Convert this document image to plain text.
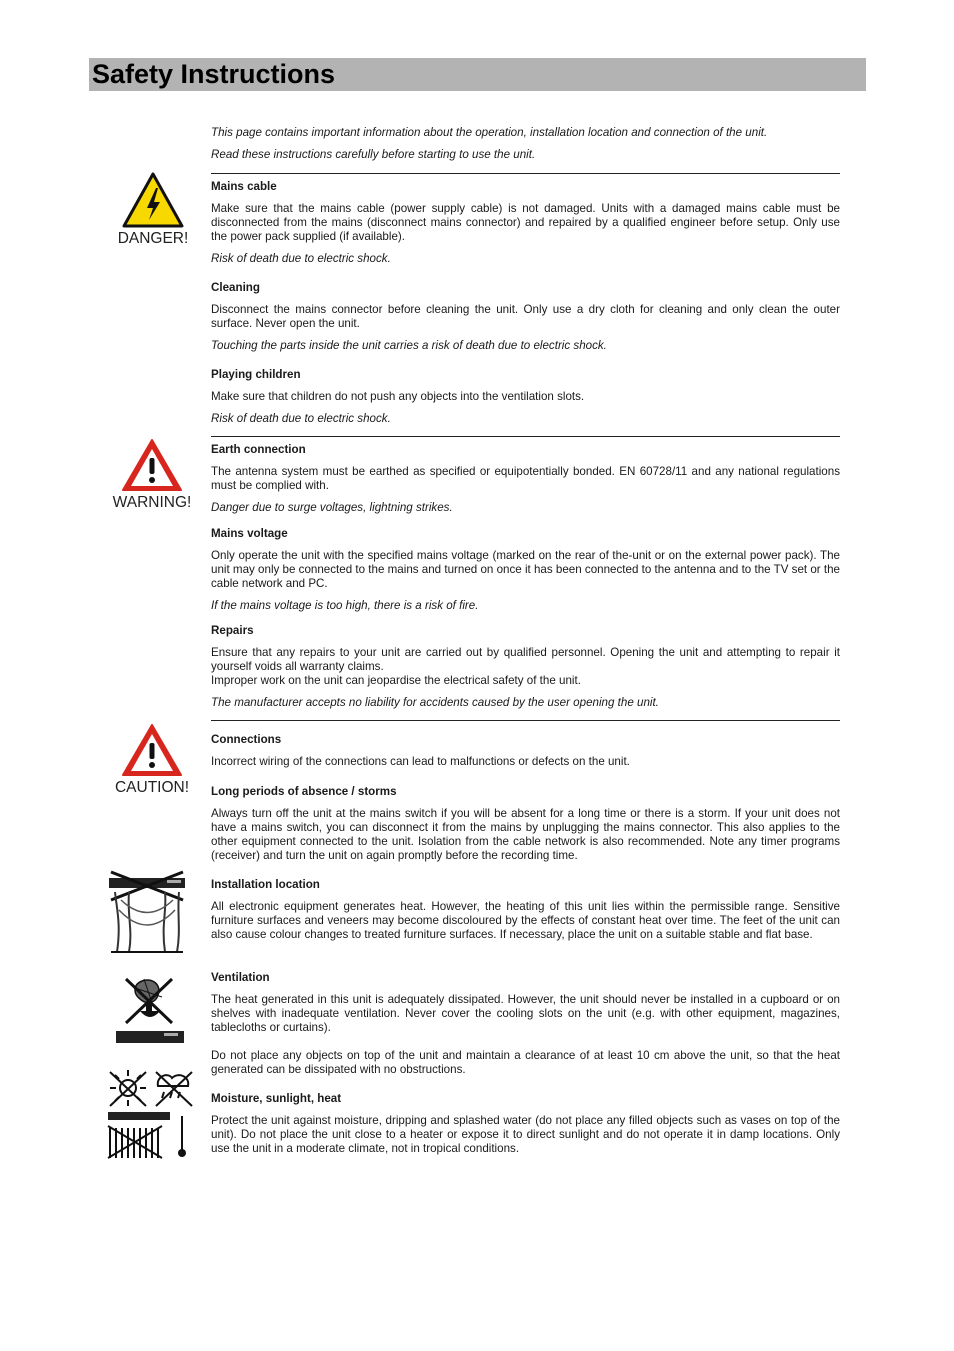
Safety Instructions

This page contains important information about the operation, installation location and connection of the unit.

Read these instructions carefully before starting to use the unit.

DANGER!
Mains cable

Make sure that the mains cable (power supply cable) is not damaged. Units with a damaged mains cable must be disconnected from the mains (disconnect mains connector) and repaired by a qualified engineer before setup. Only use the power pack supplied (if available).

Risk of death due to electric shock.

Cleaning

Disconnect the mains connector before cleaning the unit. Only use a dry cloth for cleaning and only clean the outer surface. Never open the unit.

Touching the parts inside the unit carries a risk of death due to electric shock.

Playing children

Make sure that children do not push any objects into the ventilation slots.

Risk of death due to electric shock.

WARNING!
Earth connection

The antenna system must be earthed as specified or equipotentially bonded. EN 60728/11 and any national regulations must be complied with.

Danger due to surge voltages, lightning strikes.

Mains voltage

Only operate the unit with the specified mains voltage (marked on the rear of the-unit or on the external power pack). The unit may only be connected to the mains and turned on once it has been connected to the antenna and to the TV set or the cable network and PC.

If the mains voltage is too high, there is a risk of fire.

Repairs

Ensure that any repairs to your unit are carried out by qualified personnel. Opening the unit and attempting to repair it yourself voids all warranty claims.

Improper work on the unit can jeopardise the electrical safety of the unit.

The manufacturer accepts no liability for accidents caused by the user opening the unit.

CAUTION!
Connections

Incorrect wiring of the connections can lead to malfunctions or defects on the unit.

Long periods of absence / storms

Always turn off the unit at the mains switch if you will be absent for a long time or there is a storm. If your unit does not have a mains switch, you can disconnect it from the mains by unplugging the mains connector. This also applies to the other equipment connected to the unit. Isolation from the cable network is also recommended. Note any timer programs (receiver) and turn the unit on again promptly before the recording time.

Installation location

All electronic equipment generates heat. However, the heating of this unit lies within the permissible range. Sensitive furniture surfaces and veneers may become discoloured by the effects of constant heat over time. The feet of the unit can also cause colour changes to treated furniture surfaces. If necessary, place the unit on a suitable stable and flat base.

Ventilation

The heat generated in this unit is adequately dissipated. However, the unit should never be installed in a cupboard or on shelves with inadequate ventilation. Never cover the cooling slots on the unit (e.g. with other equipment, magazines, tablecloths or curtains).

Do not place any objects on top of the unit and maintain a clearance of at least 10 cm above the unit, so that the heat generated can be dissipated with no obstructions.

Moisture, sunlight, heat

Protect the unit against moisture, dripping and splashed water (do not place any filled objects such as vases on top of the unit). Do not place the unit close to a heater or expose it to direct sunlight and do not operate it in damp locations. Only use the unit in a moderate climate, not in tropical conditions.
